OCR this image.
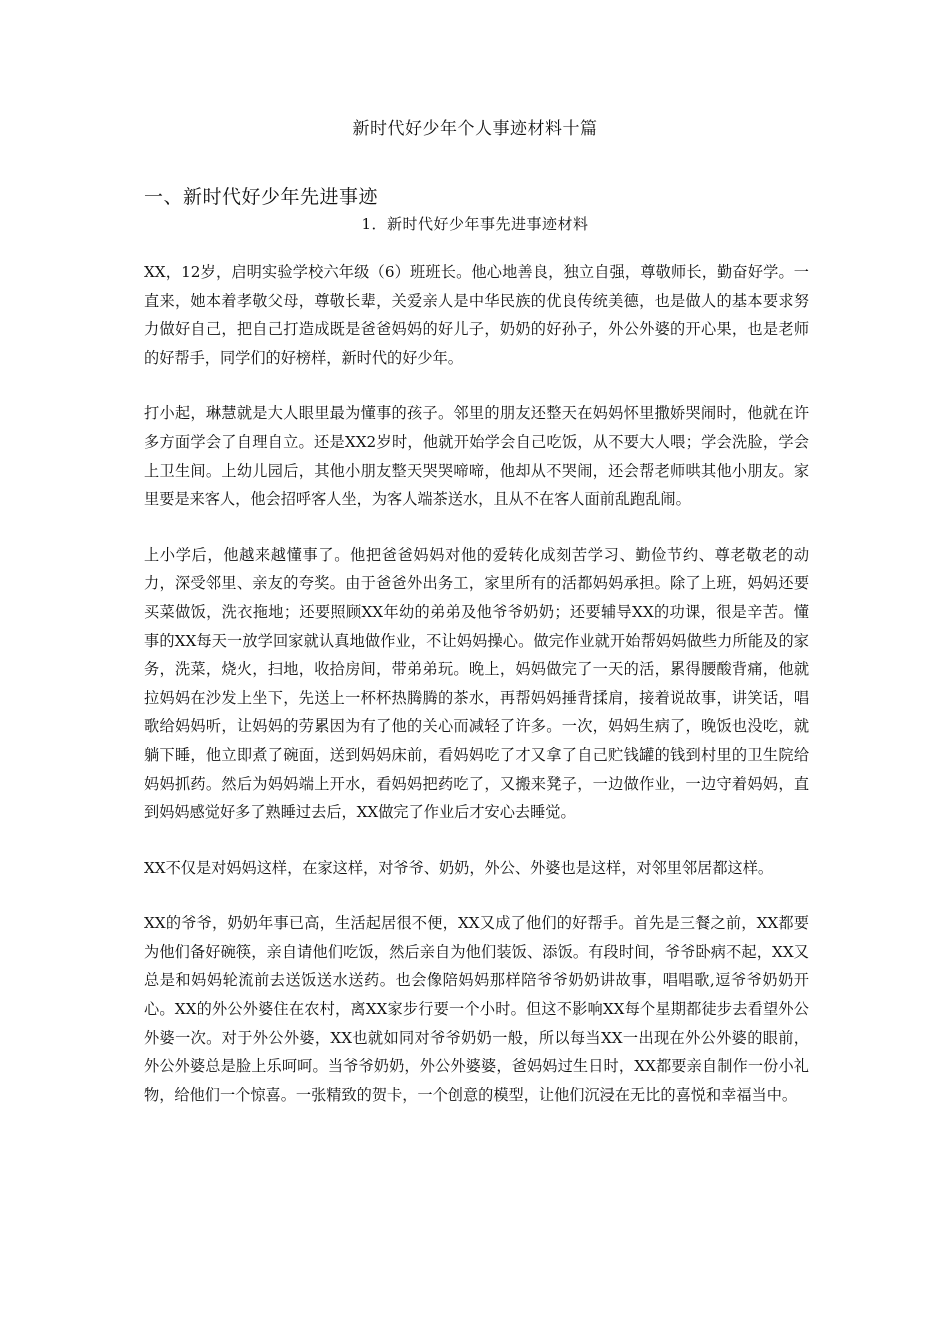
新时代好少年个人事迹材料十篇
一、新时代好少年先进事迹
1．新时代好少年事先进事迹材料

XX，12岁，启明实验学校六年级（6）班班长。他心地善良，独立自强，尊敬师长，勤奋好学。一直来，她本着孝敬父母，尊敬长辈，关爱亲人是中华民族的优良传统美德，也是做人的基本要求努力做好自己，把自己打造成既是爸爸妈妈的好儿子，奶奶的好孙子，外公外婆的开心果，也是老师的好帮手，同学们的好榜样，新时代的好少年。

打小起，琳慧就是大人眼里最为懂事的孩子。邻里的朋友还整天在妈妈怀里撒娇哭闹时，他就在许多方面学会了自理自立。还是XX2岁时，他就开始学会自己吃饭，从不要大人喂；学会洗脸，学会上卫生间。上幼儿园后，其他小朋友整天哭哭啼啼，他却从不哭闹，还会帮老师哄其他小朋友。家里要是来客人，他会招呼客人坐，为客人端茶送水，且从不在客人面前乱跑乱闹。

上小学后，他越来越懂事了。他把爸爸妈妈对他的爱转化成刻苦学习、勤俭节约、尊老敬老的动力，深受邻里、亲友的夸奖。由于爸爸外出务工，家里所有的活都妈妈承担。除了上班，妈妈还要买菜做饭，洗衣拖地；还要照顾XX年幼的弟弟及他爷爷奶奶；还要辅导XX的功课，很是辛苦。懂事的XX每天一放学回家就认真地做作业，不让妈妈操心。做完作业就开始帮妈妈做些力所能及的家务，洗菜，烧火，扫地，收拾房间，带弟弟玩。晚上，妈妈做完了一天的活，累得腰酸背痛，他就拉妈妈在沙发上坐下，先送上一杯杯热腾腾的茶水，再帮妈妈捶背揉肩，接着说故事，讲笑话，唱歌给妈妈听，让妈妈的劳累因为有了他的关心而减轻了许多。一次，妈妈生病了，晚饭也没吃，就躺下睡，他立即煮了碗面，送到妈妈床前，看妈妈吃了才又拿了自己贮钱罐的钱到村里的卫生院给妈妈抓药。然后为妈妈端上开水，看妈妈把药吃了，又搬来凳子，一边做作业，一边守着妈妈，直到妈妈感觉好多了熟睡过去后，XX做完了作业后才安心去睡觉。

XX不仅是对妈妈这样，在家这样，对爷爷、奶奶，外公、外婆也是这样，对邻里邻居都这样。

XX的爷爷，奶奶年事已高，生活起居很不便，XX又成了他们的好帮手。首先是三餐之前，XX都要为他们备好碗筷，亲自请他们吃饭，然后亲自为他们装饭、添饭。有段时间，爷爷卧病不起，XX又总是和妈妈轮流前去送饭送水送药。也会像陪妈妈那样陪爷爷奶奶讲故事，唱唱歌,逗爷爷奶奶开心。XX的外公外婆住在农村，离XX家步行要一个小时。但这不影响XX每个星期都徒步去看望外公外婆一次。对于外公外婆，XX也就如同对爷爷奶奶一般，所以每当XX一出现在外公外婆的眼前，外公外婆总是脸上乐呵呵。当爷爷奶奶，外公外婆婆，爸妈妈过生日时，XX都要亲自制作一份小礼物，给他们一个惊喜。一张精致的贺卡，一个创意的模型，让他们沉浸在无比的喜悦和幸福当中。
